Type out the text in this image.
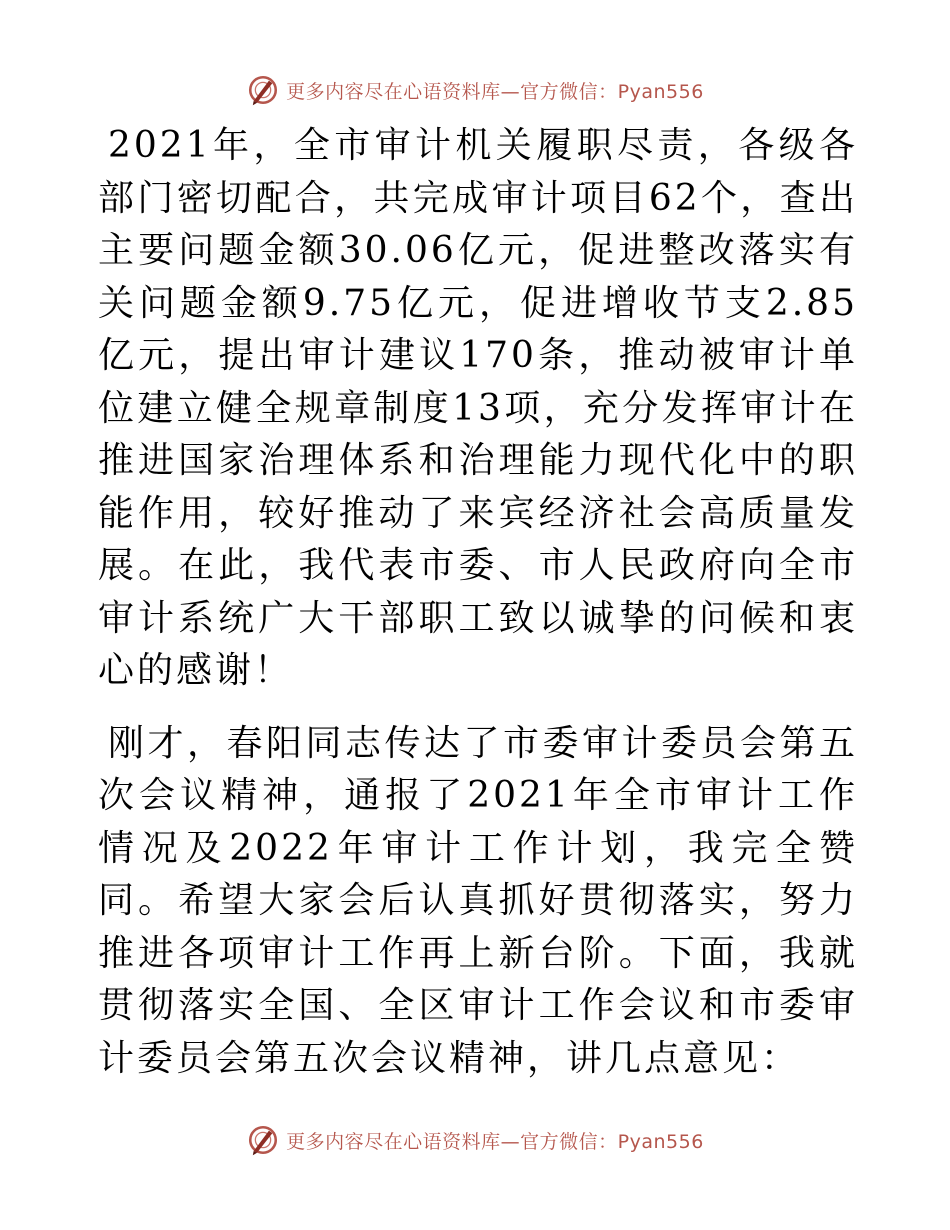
更多内容尽在心语资料库—官方微信：Pyan556

2021年，全市审计机关履职尽责，各级各部门密切配合，共完成审计项目62个，查出主要问题金额30.06亿元，促进整改落实有关问题金额9.75亿元，促进增收节支2.85亿元，提出审计建议170条，推动被审计单位建立健全规章制度13项，充分发挥审计在推进国家治理体系和治理能力现代化中的职能作用，较好推动了来宾经济社会高质量发展。在此，我代表市委、市人民政府向全市审计系统广大干部职工致以诚挚的问候和衷心的感谢！

刚才，春阳同志传达了市委审计委员会第五次会议精神，通报了2021年全市审计工作情况及2022年审计工作计划，我完全赞同。希望大家会后认真抓好贯彻落实，努力推进各项审计工作再上新台阶。下面，我就贯彻落实全国、全区审计工作会议和市委审计委员会第五次会议精神，讲几点意见：

更多内容尽在心语资料库—官方微信：Pyan556
